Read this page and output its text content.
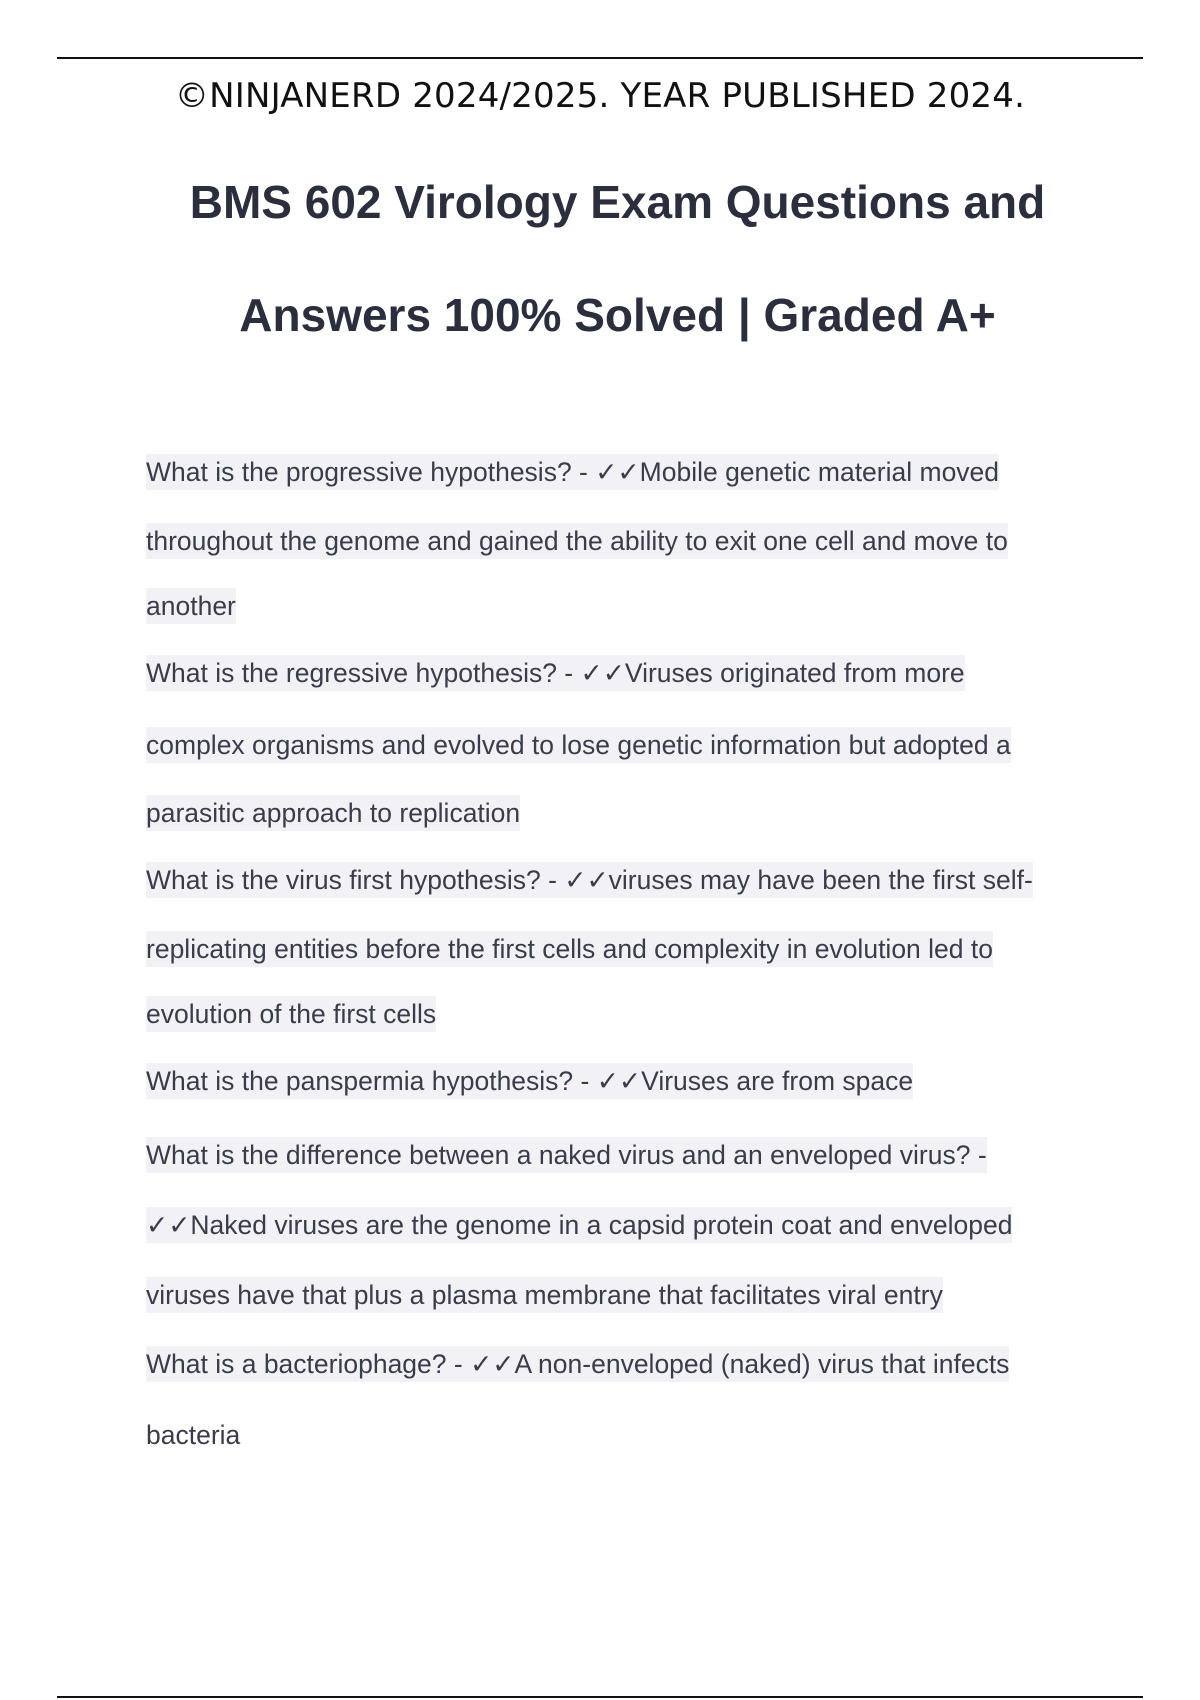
©NINJANERD 2024/2025. YEAR PUBLISHED 2024.
BMS 602 Virology Exam Questions and
Answers 100% Solved | Graded A+
What is the progressive hypothesis? - ✓✓Mobile genetic material moved
throughout the genome and gained the ability to exit one cell and move to
another
What is the regressive hypothesis? - ✓✓Viruses originated from more
complex organisms and evolved to lose genetic information but adopted a
parasitic approach to replication
What is the virus first hypothesis? - ✓✓viruses may have been the first self-
replicating entities before the first cells and complexity in evolution led to
evolution of the first cells
What is the panspermia hypothesis? - ✓✓Viruses are from space
What is the difference between a naked virus and an enveloped virus? -
✓✓Naked viruses are the genome in a capsid protein coat and enveloped
viruses have that plus a plasma membrane that facilitates viral entry
What is a bacteriophage? - ✓✓A non-enveloped (naked) virus that infects
bacteria
